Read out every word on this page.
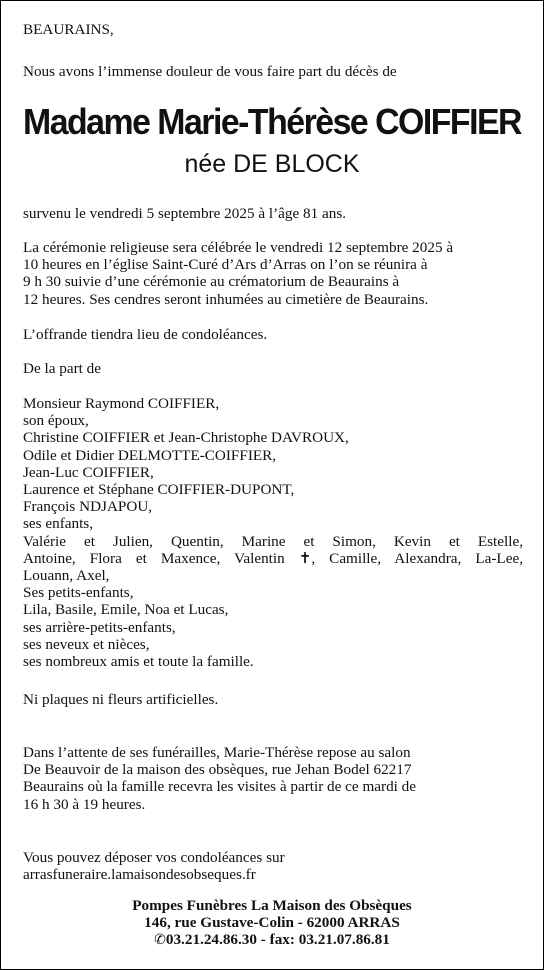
BEAURAINS,

Nous avons l’immense douleur de vous faire part du décès de

Madame Marie-Thérèse COIFFIER
née DE BLOCK

survenu le vendredi 5 septembre 2025 à l’âge 81 ans.

La cérémonie religieuse sera célébrée le vendredi 12 septembre 2025 à
10 heures en l’église Saint-Curé d’Ars d’Arras on l’on se réunira à
9 h 30 suivie d’une cérémonie au crématorium de Beaurains à
12 heures. Ses cendres seront inhumées au cimetière de Beaurains.

L’offrande tiendra lieu de condoléances.

De la part de

Monsieur Raymond COIFFIER,
son époux,
Christine COIFFIER et Jean-Christophe DAVROUX,
Odile et Didier DELMOTTE-COIFFIER,
Jean-Luc COIFFIER,
Laurence et Stéphane COIFFIER-DUPONT,
François NDJAPOU,
ses enfants,
Valérie et Julien, Quentin, Marine et Simon, Kevin et Estelle,
Antoine, Flora et Maxence, Valentin ✝, Camille, Alexandra, La-Lee,
Louann, Axel,
Ses petits-enfants,
Lila, Basile, Emile, Noa et Lucas,
ses arrière-petits-enfants,
ses neveux et nièces,
ses nombreux amis et toute la famille.

Ni plaques ni fleurs artificielles.

Dans l’attente de ses funérailles, Marie-Thérèse repose au salon
De Beauvoir de la maison des obsèques, rue Jehan Bodel 62217
Beaurains où la famille recevra les visites à partir de ce mardi de
16 h 30 à 19 heures.
Vous pouvez déposer vos condoléances sur
arrasfuneraire.lamaisondesobseques.fr
Pompes Funèbres La Maison des Obsèques
146, rue Gustave-Colin - 62000 ARRAS
✆03.21.24.86.30 - fax: 03.21.07.86.81
